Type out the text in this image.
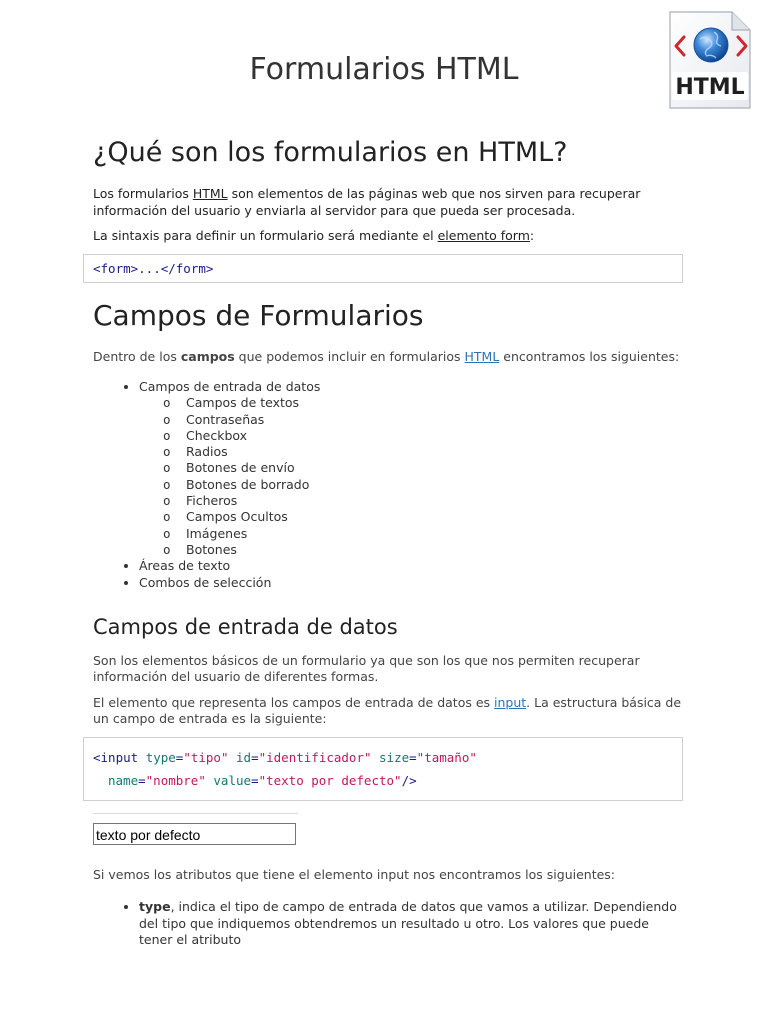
Formularios HTML
HTML
¿Qué son los formularios en HTML?

Los formularios HTML son elementos de las páginas web que nos sirven para recuperar información del usuario y enviarla al servidor para que pueda ser procesada.

La sintaxis para definir un formulario será mediante el elemento form:

<form>...</form>
Campos de Formularios

Dentro de los campos que podemos incluir en formularios HTML encontramos los siguientes:

• Campos de entrada de datos
o Campos de textos
o Contraseñas
o Checkbox
o Radios
o Botones de envío
o Botones de borrado
o Ficheros
o Campos Ocultos
o Imágenes
o Botones
• Áreas de texto
• Combos de selección
Campos de entrada de datos

Son los elementos básicos de un formulario ya que son los que nos permiten recuperar información del usuario de diferentes formas.

El elemento que representa los campos de entrada de datos es input. La estructura básica de un campo de entrada es la siguiente:

<input type="tipo" id="identificador" size="tamaño"
name="nombre" value="texto por defecto"/>
texto por defecto

Si vemos los atributos que tiene el elemento input nos encontramos los siguientes:

• type, indica el tipo de campo de entrada de datos que vamos a utilizar. Dependiendo del tipo que indiquemos obtendremos un resultado u otro. Los valores que puede tener el atributo
